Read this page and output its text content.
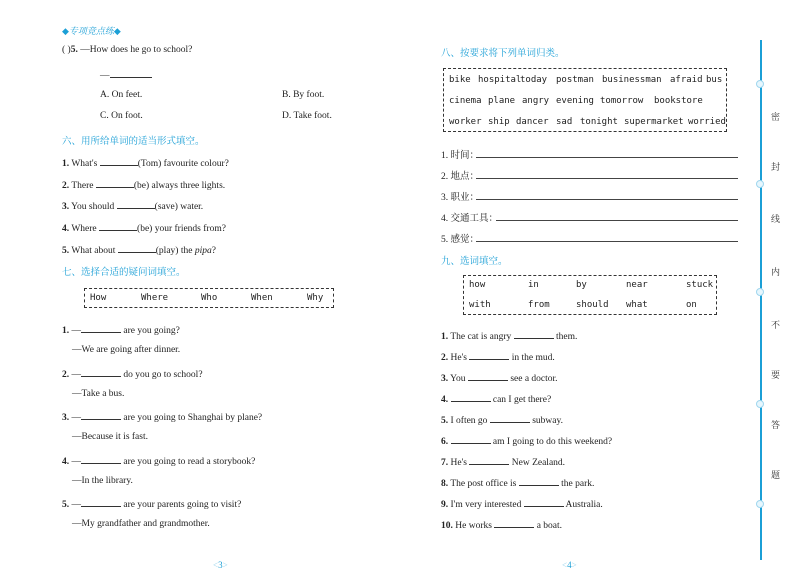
◆专项竞点练◆
( )5. —How does he go to school?
—
A. On feet.	B. By foot.
C. On foot.	D. Take foot.
六、用所给单词的适当形式填空。
1. What's	(Tom) favourite colour?
2. There	(be) always three lights.
3. You should	(save) water.
4. Where	(be) your friends from?
5. What about	(play) the pipa?
七、选择合适的疑问词填空。
How	Where	Who	When	Why
1. —	are you going?
—We are going after dinner.
2. —	do you go to school?
—Take a bus.
3. —	are you going to Shanghai by plane?
—Because it is fast.
4. —	are you going to read a storybook?
—In the library.
5. —	are your parents going to visit?
—My grandfather and grandmother.
<3>
八、按要求将下列单词归类。
bike hospital
today postman businessman afraid bus
cinema plane angry evening tomorrow bookstore
worker ship dancer sad tonight supermarket worried
1. 时间：
2. 地点：
3. 职业：
4. 交通工具：
5. 感觉：
九、选词填空。
how	in	by	near	stuck
with	from	should what	on
1. The cat is angry	them.
2. He's	in the mud.
3. You	see a doctor.
4.	can I get there?
5. I often go	subway.
6.	am I going to do this weekend?
7. He's	New Zealand.
8. The post office is	the park.
9. I'm very interested	Australia.
10. He works	a boat.
<4>
密
封
线
内
不
要
答
题
